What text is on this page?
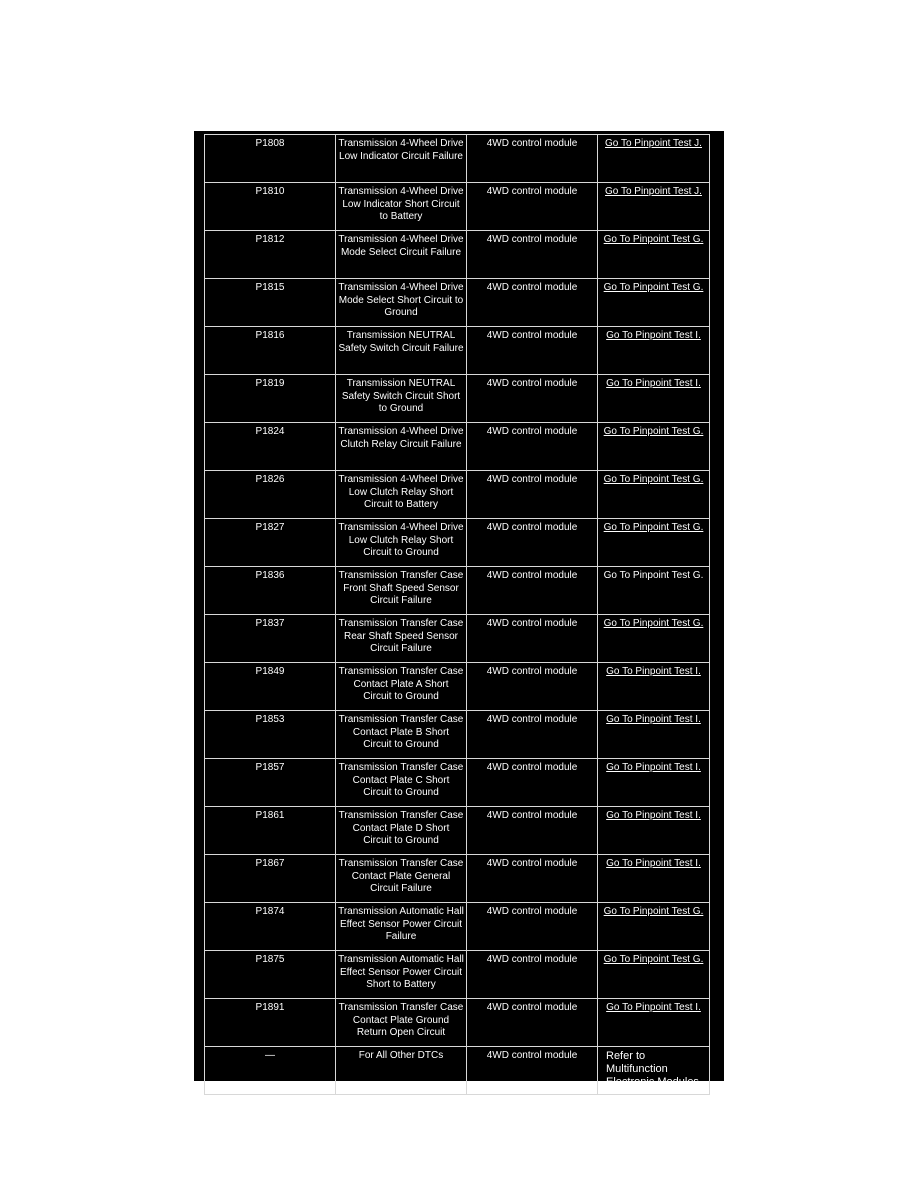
P1808	Transmission 4-Wheel Drive Low Indicator Circuit Failure	4WD control module	Go To Pinpoint Test J.
P1810	Transmission 4-Wheel Drive Low Indicator Short Circuit to Battery	4WD control module	Go To Pinpoint Test J.
P1812	Transmission 4-Wheel Drive Mode Select Circuit Failure	4WD control module	Go To Pinpoint Test G.
P1815	Transmission 4-Wheel Drive Mode Select Short Circuit to Ground	4WD control module	Go To Pinpoint Test G.
P1816	Transmission NEUTRAL Safety Switch Circuit Failure	4WD control module	Go To Pinpoint Test I.
P1819	Transmission NEUTRAL Safety Switch Circuit Short to Ground	4WD control module	Go To Pinpoint Test I.
P1824	Transmission 4-Wheel Drive Clutch Relay Circuit Failure	4WD control module	Go To Pinpoint Test G.
P1826	Transmission 4-Wheel Drive Low Clutch Relay Short Circuit to Battery	4WD control module	Go To Pinpoint Test G.
P1827	Transmission 4-Wheel Drive Low Clutch Relay Short Circuit to Ground	4WD control module	Go To Pinpoint Test G.
P1836	Transmission Transfer Case Front Shaft Speed Sensor Circuit Failure	4WD control module	Go To Pinpoint Test G.
P1837	Transmission Transfer Case Rear Shaft Speed Sensor Circuit Failure	4WD control module	Go To Pinpoint Test G.
P1849	Transmission Transfer Case Contact Plate A Short Circuit to Ground	4WD control module	Go To Pinpoint Test I.
P1853	Transmission Transfer Case Contact Plate B Short Circuit to Ground	4WD control module	Go To Pinpoint Test I.
P1857	Transmission Transfer Case Contact Plate C Short Circuit to Ground	4WD control module	Go To Pinpoint Test I.
P1861	Transmission Transfer Case Contact Plate D Short Circuit to Ground	4WD control module	Go To Pinpoint Test I.
P1867	Transmission Transfer Case Contact Plate General Circuit Failure	4WD control module	Go To Pinpoint Test I.
P1874	Transmission Automatic Hall Effect Sensor Power Circuit Failure	4WD control module	Go To Pinpoint Test G.
P1875	Transmission Automatic Hall Effect Sensor Power Circuit Short to Battery	4WD control module	Go To Pinpoint Test G.
P1891	Transmission Transfer Case Contact Plate Ground Return Open Circuit	4WD control module	Go To Pinpoint Test I.
—	For All Other DTCs	4WD control module	Refer to Multifunction Electronic Modules.
